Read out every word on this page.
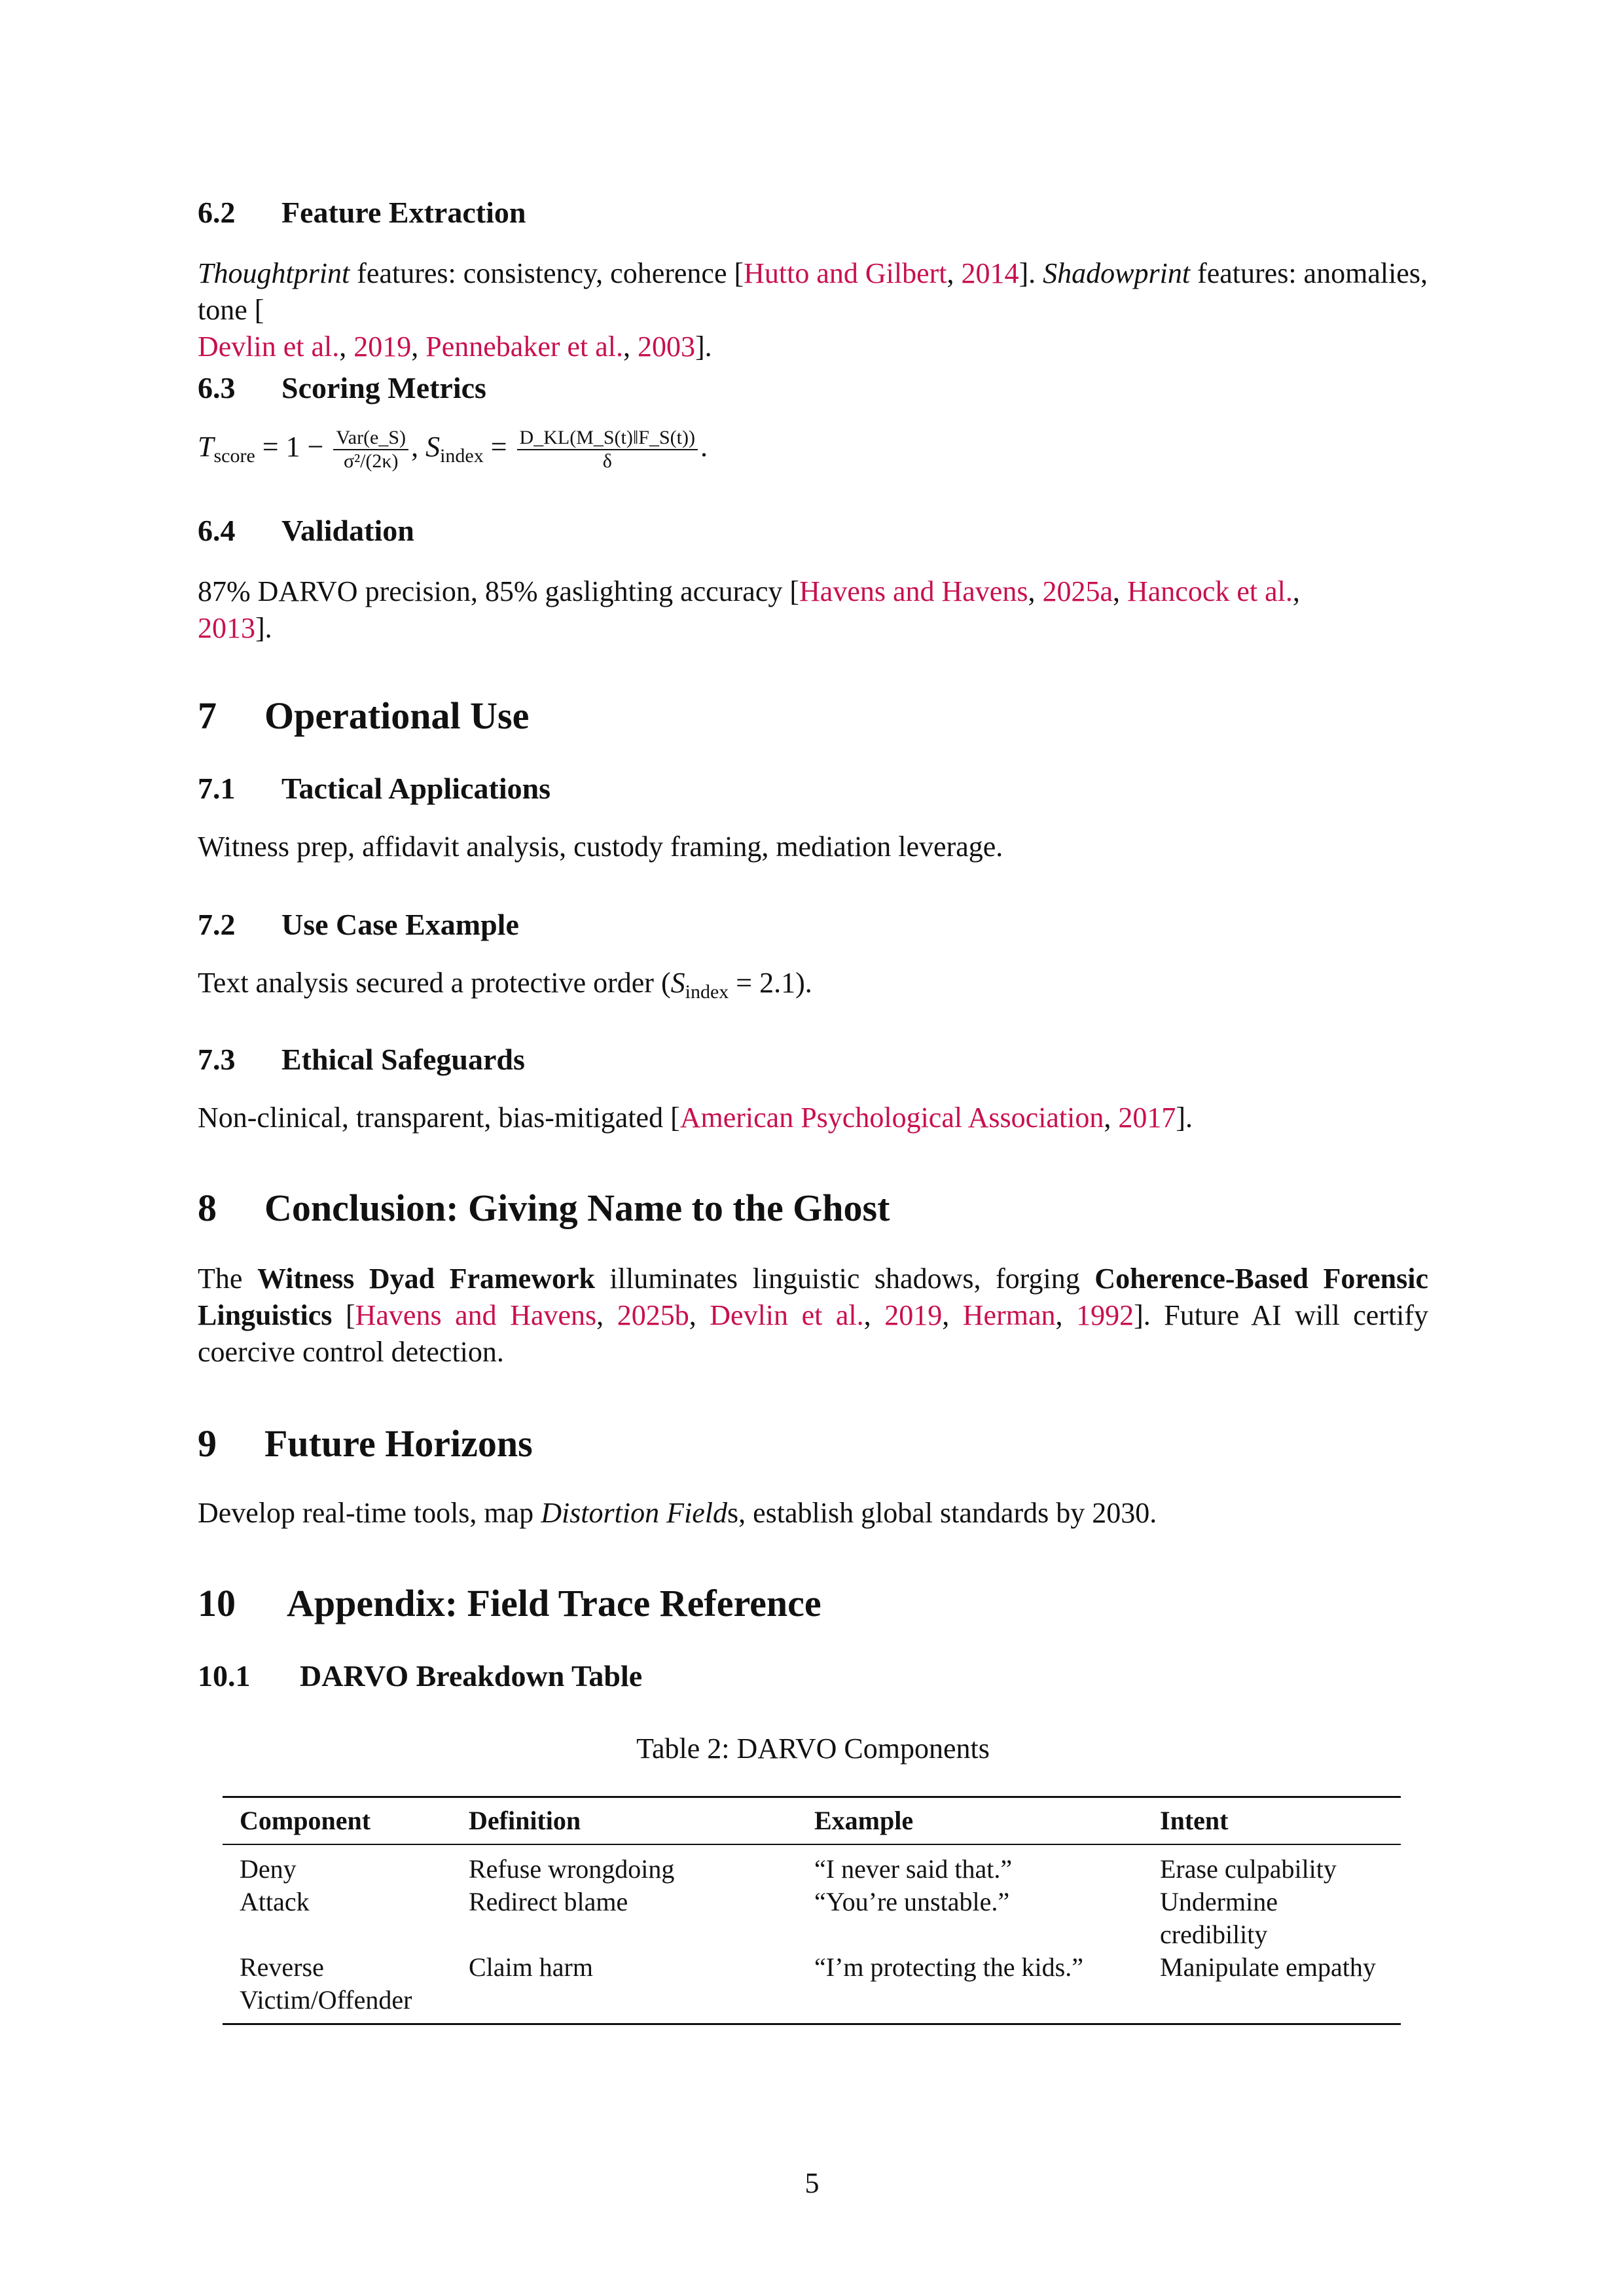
6.2 Feature Extraction

Thoughtprint features: consistency, coherence [Hutto and Gilbert, 2014]. Shadowprint features: anomalies, tone [
Devlin et al., 2019, Pennebaker et al., 2003].

6.3 Scoring Metrics

$T_{score} = 1 - \frac{\text{Var(e\_S)}}{\text{σ²/(2κ)}}$ , $S_{index} = \frac{D\_KL(M\_S(t)‖F\_S(t))}{\delta}$ .

6.4 Validation

87% DARVO precision, 85% gaslighting accuracy [Havens and Havens, 2025a, Hancock et al.,
2013].

7 Operational Use
7.1 Tactical Applications

Witness prep, affidavit analysis, custody framing, mediation leverage.

7.2 Use Case Example

Text analysis secured a protective order $(S_{index} = 2.1)$.

7.3 Ethical Safeguards

Non-clinical, transparent, bias-mitigated [American Psychological Association, 2017].

8 Conclusion: Giving Name to the Ghost

The Witness Dyad Framework illuminates linguistic shadows, forging Coherence-Based Forensic Linguistics [Havens and Havens, 2025b, Devlin et al., 2019, Herman, 1992]. Future AI will certify coercive control detection.

9 Future Horizons

Develop real-time tools, map Distortion Fields, establish global standards by 2030.

10 Appendix: Field Trace Reference
10.1 DARVO Breakdown Table
Table 2: DARVO Components
Component	Definition	Example	Intent
Deny	Refuse wrongdoing	“I never said that.”	Erase culpability
Attack	Redirect blame	“You’re unstable.”	Undermine credibility
Reverse Victim/Offender	Claim harm	“I’m protecting the kids.”	Manipulate empathy
5
